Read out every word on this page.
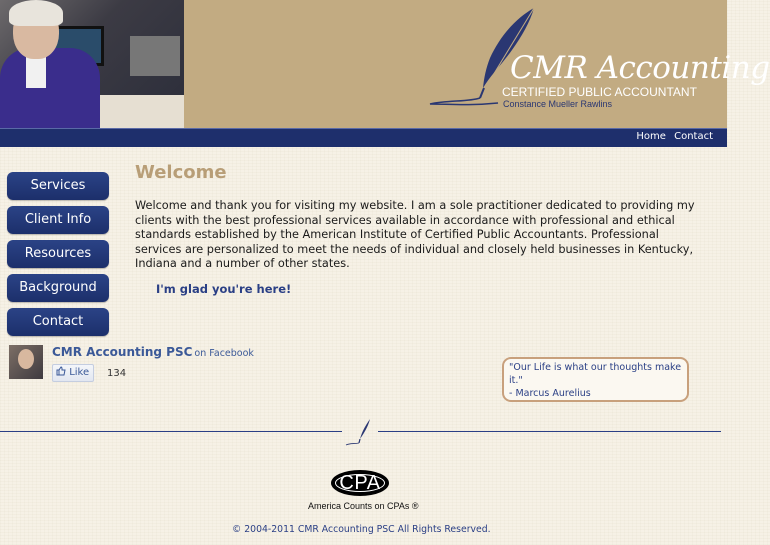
CMR Accounting
CERTIFIED PUBLIC ACCOUNTANT
Constance Mueller Rawlins
Home Contact
Services
Client Info
Resources
Background
Contact
Welcome
Welcome and thank you for visiting my website. I am a sole practitioner dedicated to providing my clients with the best professional services available in accordance with professional and ethical standards established by the American Institute of Certified Public Accountants. Professional services are personalized to meet the needs of individual and closely held businesses in Kentucky, Indiana and a number of other states.
I'm glad you're here!
CMR Accounting PSC on Facebook
Like	134
"Our Life is what our thoughts make it."
- Marcus Aurelius
CPA
America Counts on CPAs ®
© 2004-2011 CMR Accounting PSC All Rights Reserved.
